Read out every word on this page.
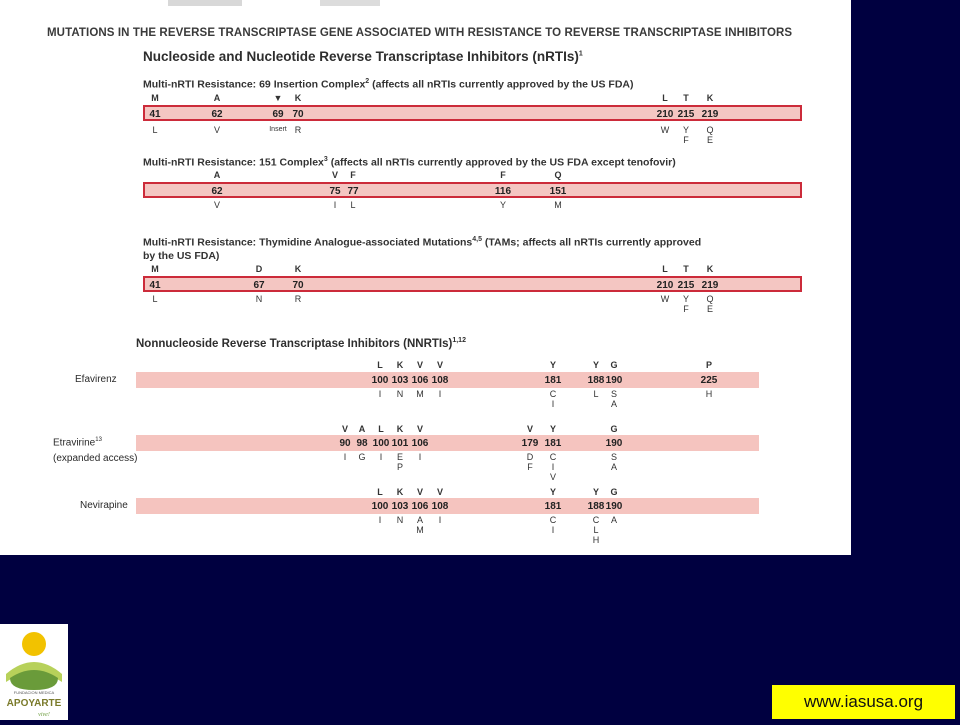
MUTATIONS IN THE REVERSE TRANSCRIPTASE GENE ASSOCIATED WITH RESISTANCE TO REVERSE TRANSCRIPTASE INHIBITORS
Nucleoside and Nucleotide Reverse Transcriptase Inhibitors (nRTIs)$^1$
Multi-nRTI Resistance: 69 Insertion Complex$^2$ (affects all nRTIs currently approved by the US FDA)
M
41
L
A
62
V
▼
69
Insert
K
70
R
L
210
W
T
215
Y
F
K
219
Q
E
Multi-nRTI Resistance: 151 Complex$^3$ (affects all nRTIs currently approved by the US FDA except tenofovir)
A
62
V
V
75
I
F
77
L
F
116
Y
Q
151
M
Multi-nRTI Resistance: Thymidine Analogue-associated Mutations$^{4,5}$ (TAMs; affects all nRTIs currently approved
by the US FDA)
M
41
L
D
67
N
K
70
R
L
210
W
T
215
Y
F
K
219
Q
E
Nonnucleoside Reverse Transcriptase Inhibitors (NNRTIs)$^{1,12}$
Efavirenz
L
100
I
K
103
N
V
106
M
V
108
I
Y
181
C
I
Y
188
L
G
190
S
A
P
225
H
Etravirine$^{13}$
(expanded access)
V
90
I
A
98
G
L
100
I
K
101
E
P
V
106
I
V
179
D
F
Y
181
C
I
V
G
190
S
A
Nevirapine
L
100
I
K
103
N
V
106
A
M
V
108
I
Y
181
C
I
Y
188
C
L
H
G
190
A
FUNDACION MEDICA
APOYARTE
vive!
www.iasusa.org
